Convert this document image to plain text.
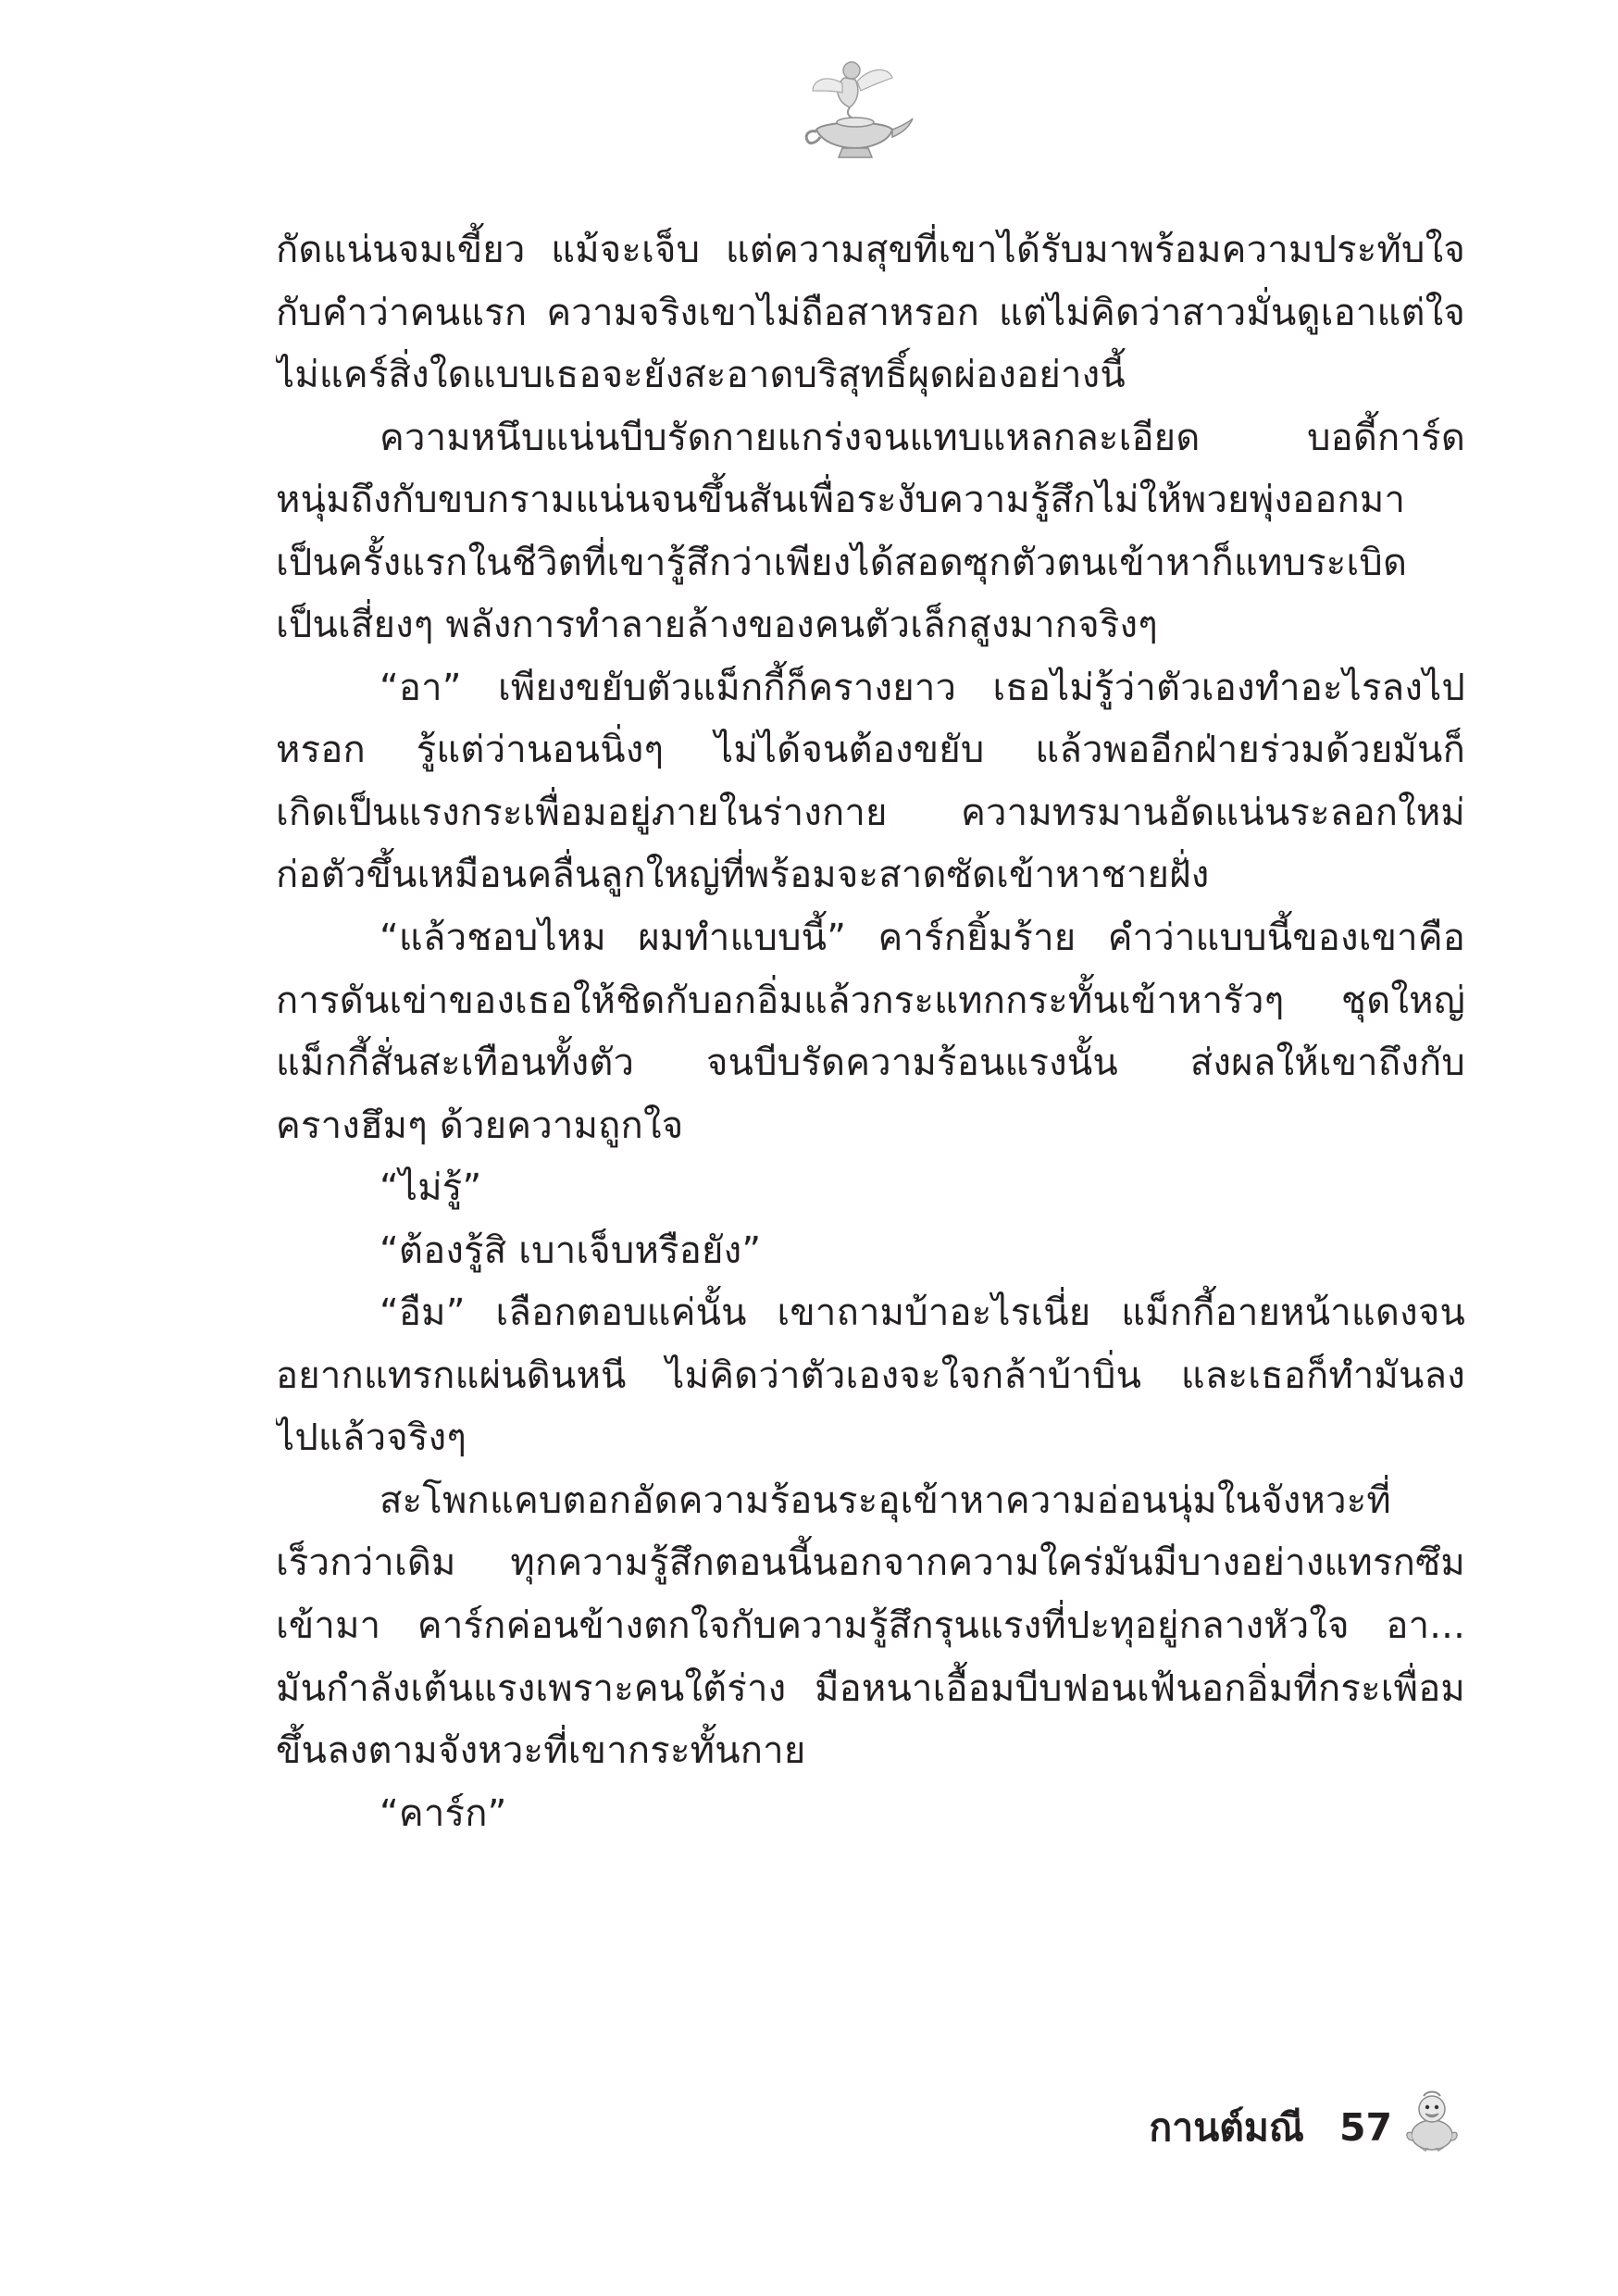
กัดแน่นจมเขี้ยว แม้จะเจ็บ แต่ความสุขที่เขาได้รับมาพร้อมความประทับใจ
กับคำว่าคนแรก ความจริงเขาไม่ถือสาหรอก แต่ไม่คิดว่าสาวมั่นดูเอาแต่ใจ
ไม่แคร์สิ่งใดแบบเธอจะยังสะอาดบริสุทธิ์ผุดผ่องอย่างนี้
ความหนึบแน่นบีบรัดกายแกร่งจนแทบแหลกละเอียด บอดี้การ์ด
หนุ่มถึงกับขบกรามแน่นจนขึ้นสันเพื่อระงับความรู้สึกไม่ให้พวยพุ่งออกมา
เป็นครั้งแรกในชีวิตที่เขารู้สึกว่าเพียงได้สอดซุกตัวตนเข้าหาก็แทบระเบิด
เป็นเสี่ยงๆ พลังการทำลายล้างของคนตัวเล็กสูงมากจริงๆ
“อา” เพียงขยับตัวแม็กกี้ก็ครางยาว เธอไม่รู้ว่าตัวเองทำอะไรลงไป
หรอก รู้แต่ว่านอนนิ่งๆ ไม่ได้จนต้องขยับ แล้วพออีกฝ่ายร่วมด้วยมันก็
เกิดเป็นแรงกระเพื่อมอยู่ภายในร่างกาย ความทรมานอัดแน่นระลอกใหม่
ก่อตัวขึ้นเหมือนคลื่นลูกใหญ่ที่พร้อมจะสาดซัดเข้าหาชายฝั่ง
“แล้วชอบไหม ผมทำแบบนี้” คาร์กยิ้มร้าย คำว่าแบบนี้ของเขาคือ
การดันเข่าของเธอให้ชิดกับอกอิ่มแล้วกระแทกกระทั้นเข้าหารัวๆ ชุดใหญ่
แม็กกี้สั่นสะเทือนทั้งตัว จนบีบรัดความร้อนแรงนั้น ส่งผลให้เขาถึงกับ
ครางฮึมๆ ด้วยความถูกใจ
“ไม่รู้”
“ต้องรู้สิ เบาเจ็บหรือยัง”
“อืม” เลือกตอบแค่นั้น เขาถามบ้าอะไรเนี่ย แม็กกี้อายหน้าแดงจน
อยากแทรกแผ่นดินหนี ไม่คิดว่าตัวเองจะใจกล้าบ้าบิ่น และเธอก็ทำมันลง
ไปแล้วจริงๆ
สะโพกแคบตอกอัดความร้อนระอุเข้าหาความอ่อนนุ่มในจังหวะที่
เร็วกว่าเดิม ทุกความรู้สึกตอนนี้นอกจากความใคร่มันมีบางอย่างแทรกซึม
เข้ามา คาร์กค่อนข้างตกใจกับความรู้สึกรุนแรงที่ปะทุอยู่กลางหัวใจ อา...
มันกำลังเต้นแรงเพราะคนใต้ร่าง มือหนาเอื้อมบีบฟอนเฟ้นอกอิ่มที่กระเพื่อม
ขึ้นลงตามจังหวะที่เขากระทั้นกาย
“คาร์ก”
กานต์มณี 57
